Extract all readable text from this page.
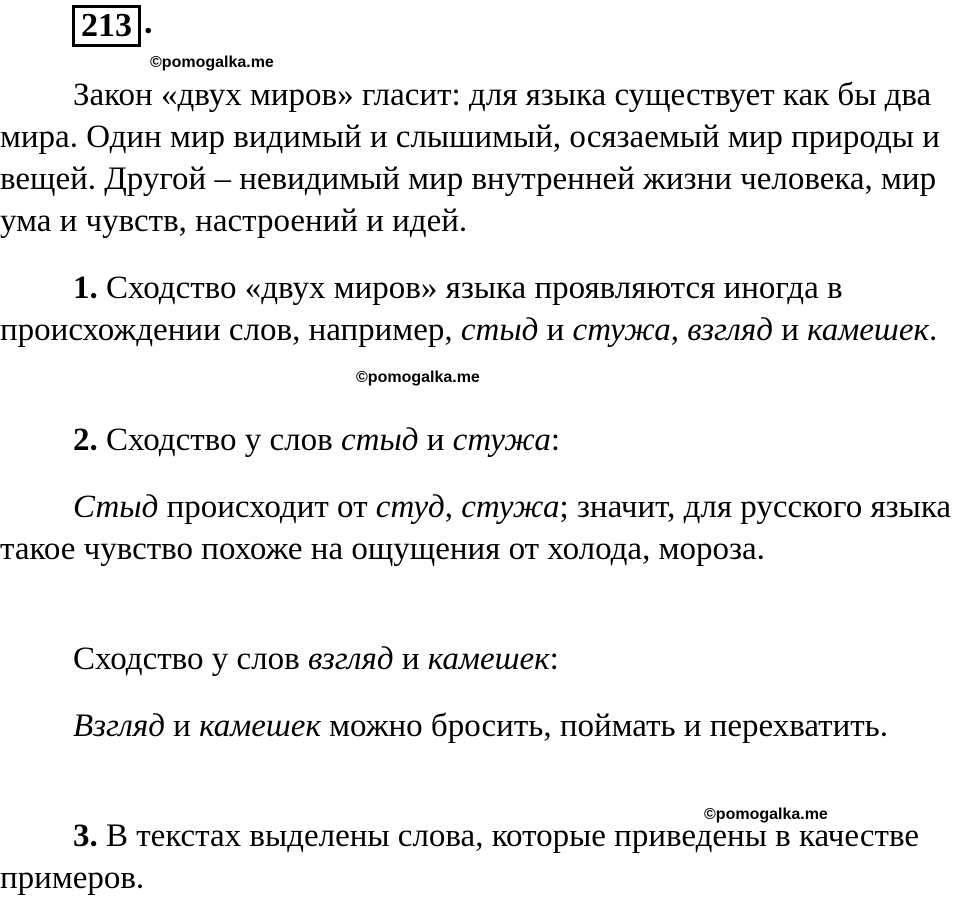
213 .
©pomogalka.me
©pomogalka.me
©pomogalka.me

Закон «двух миров» гласит: для языка существует как бы два мира. Один мир видимый и слышимый, осязаемый мир природы и вещей. Другой – невидимый мир внутренней жизни человека, мир ума и чувств, настроений и идей.

1. Сходство «двух миров» языка проявляются иногда в происхождении слов, например, стыд и стужа, взгляд и камешек.

2. Сходство у слов стыд и стужа:

Стыд происходит от студ, стужа; значит, для русского языка такое чувство похоже на ощущения от холода, мороза.

Сходство у слов взгляд и камешек:

Взгляд и камешек можно бросить, поймать и перехватить.

3. В текстах выделены слова, которые приведены в качестве примеров.
